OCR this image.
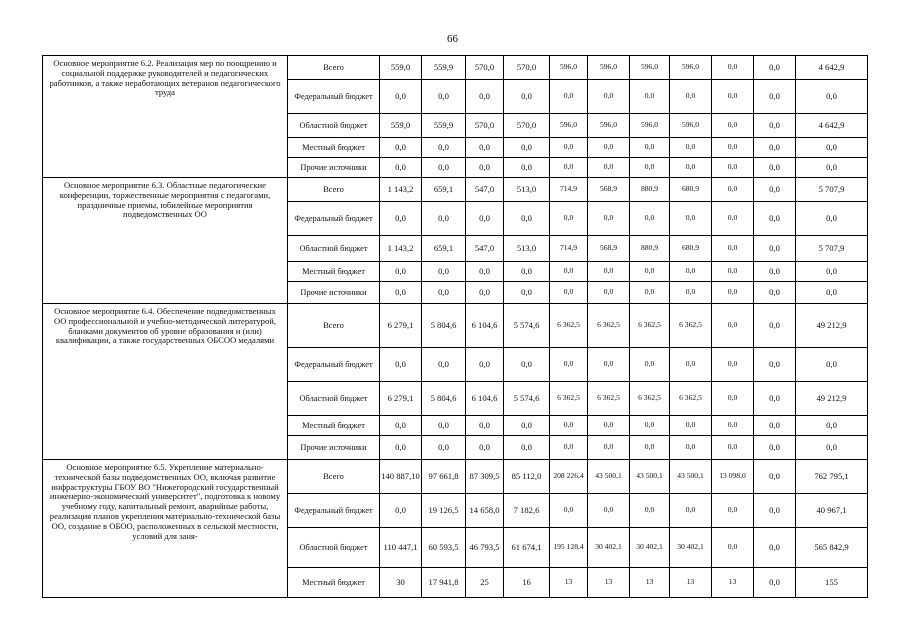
66
Основное мероприятие 6.2. Реализация мер по поощрению и социальной поддержке руководителей и педагогических работников, а также неработающих ветеранов педагогического труда	Всего	559,0	559,9	570,0	570,0	596,0	596,0	596,0	596,0	0,0	0,0	4 642,9
	Федеральный бюджет	0,0	0,0	0,0	0,0	0,0	0,0	0,0	0,0	0,0	0,0	0,0
	Областной бюджет	559,0	559,9	570,0	570,0	596,0	596,0	596,0	596,0	0,0	0,0	4 642,9
	Местный бюджет	0,0	0,0	0,0	0,0	0,0	0,0	0,0	0,0	0,0	0,0	0,0
	Прочие источники	0,0	0,0	0,0	0,0	0,0	0,0	0,0	0,0	0,0	0,0	0,0
Основное мероприятие 6.3. Областные педагогические конференции, торжественные мероприятия с педагогами, праздничные приемы, юбилейные мероприятия подведомственных ОО	Всего	1 143,2	659,1	547,0	513,0	714,9	568,9	880,9	680,9	0,0	0,0	5 707,9
	Федеральный бюджет	0,0	0,0	0,0	0,0	0,0	0,0	0,0	0,0	0,0	0,0	0,0
	Областной бюджет	1 143,2	659,1	547,0	513,0	714,9	568,9	880,9	680,9	0,0	0,0	5 707,9
	Местный бюджет	0,0	0,0	0,0	0,0	0,0	0,0	0,0	0,0	0,0	0,0	0,0
	Прочие источники	0,0	0,0	0,0	0,0	0,0	0,0	0,0	0,0	0,0	0,0	0,0
Основное мероприятие 6.4. Обеспечение подведомственных ОО профессиональной и учебно-методической литературой, бланками документов об уровне образования и (или) квалификации, а также государственных ОБСОО медалями	Всего	6 279,1	5 804,6	6 104,6	5 574,6	6 362,5	6 362,5	6 362,5	6 362,5	0,0	0,0	49 212,9
	Федеральный бюджет	0,0	0,0	0,0	0,0	0,0	0,0	0,0	0,0	0,0	0,0	0,0
	Областной бюджет	6 279,1	5 804,6	6 104,6	5 574,6	6 362,5	6 362,5	6 362,5	6 362,5	0,0	0,0	49 212,9
	Местный бюджет	0,0	0,0	0,0	0,0	0,0	0,0	0,0	0,0	0,0	0,0	0,0
	Прочие источники	0,0	0,0	0,0	0,0	0,0	0,0	0,0	0,0	0,0	0,0	0,0
Основное мероприятие 6.5. Укрепление материально-технической базы подведомственных ОО, включая развитие инфраструктуры ГБОУ ВО "Нижегородский государственный инженерно-экономический университет", подготовка к новому учебному году, капитальный ремонт, аварийные работы, реализация планов укрепления материально-технической базы ОО, создание в ОБОО, расположенных в сельской местности, условий для заня-	Всего	140 887,10	97 661,8	87 309,5	85 112,0	208 226,4	43 500,1	43 500,1	43 500,1	13 098,0	0,0	762 795,1
	Федеральный бюджет	0,0	19 126,5	14 658,0	7 182,6	0,0	0,0	0,0	0,0	0,0	0,0	40 967,1
	Областной бюджет	110 447,1	60 593,5	46 793,5	61 674,1	195 128,4	30 402,1	30 402,1	30 402,1	0,0	0,0	565 842,9
	Местный бюджет	30	17 941,8	25	16	13	13	13	13	13	0,0	155
